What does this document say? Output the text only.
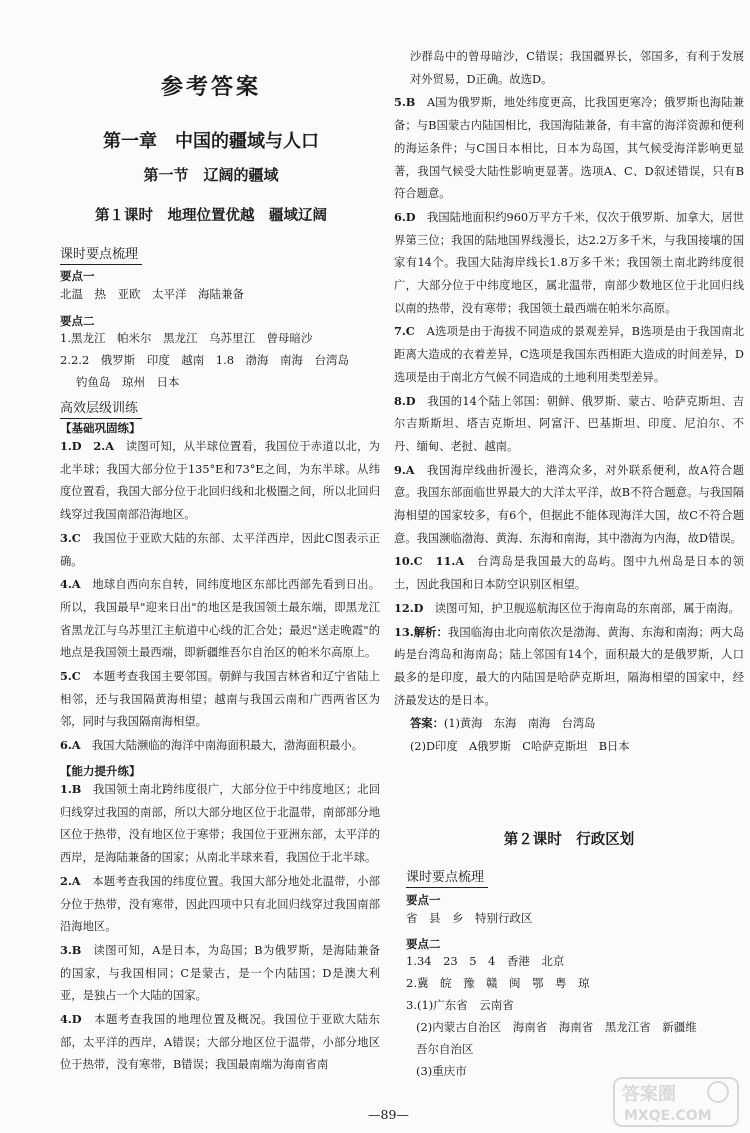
参考答案
第一章　中国的疆域与人口
第一节　辽阔的疆域
第１课时　地理位置优越　疆域辽阔
课时要点梳理
要点一
北温　热　亚欧　太平洋　海陆兼备
要点二
1.黑龙江　帕米尔　黑龙江　乌苏里江　曾母暗沙
2.2.2　俄罗斯　印度　越南　1.8　渤海　南海　台湾岛
钓鱼岛　琼州　日本
高效层级训练
【基础巩固练】
1.D　2.A　 读图可知，从半球位置看，我国位于赤道以北，为北半球；我国大部分位于135°E和73°E之间，为东半球。从纬度位置看，我国大部分位于北回归线和北极圈之间，所以北回归线穿过我国南部沿海地区。
3.C　 我国位于亚欧大陆的东部、太平洋西岸，因此C图表示正确。
4.A　 地球自西向东自转，同纬度地区东部比西部先看到日出。所以，我国最早"迎来日出"的地区是我国领土最东端，即黑龙江省黑龙江与乌苏里江主航道中心线的汇合处；最迟"送走晚霞"的地点是我国领土最西端，即新疆维吾尔自治区的帕米尔高原上。
5.C　 本题考查我国主要邻国。朝鲜与我国吉林省和辽宁省陆上相邻，还与我国隔黄海相望；越南与我国云南和广西两省区为邻，同时与我国隔南海相望。
6.A　 我国大陆濒临的海洋中南海面积最大，渤海面积最小。
【能力提升练】
1.B　 我国领土南北跨纬度很广，大部分位于中纬度地区；北回归线穿过我国的南部，所以大部分地区位于北温带，南部部分地区位于热带，没有地区位于寒带；我国位于亚洲东部，太平洋的西岸，是海陆兼备的国家；从南北半球来看，我国位于北半球。
2.A　 本题考查我国的纬度位置。我国大部分地处北温带，小部分位于热带，没有寒带，因此四项中只有北回归线穿过我国南部沿海地区。
3.B　 读图可知，A是日本，为岛国；B为俄罗斯，是海陆兼备的国家，与我国相同；C是蒙古，是一个内陆国；D是澳大利亚，是独占一个大陆的国家。
4.D　 本题考查我国的地理位置及概况。我国位于亚欧大陆东部，太平洋的西岸，A错误；大部分地区位于温带，小部分地区位于热带，没有寒带，B错误；我国最南端为海南省南
沙群岛中的曾母暗沙，C错误；我国疆界长，邻国多，有利于发展对外贸易，D正确。故选D。
5.B　 A国为俄罗斯，地处纬度更高，比我国更寒冷；俄罗斯也海陆兼备；与B国蒙古内陆国相比，我国海陆兼备，有丰富的海洋资源和便利的海运条件；与C国日本相比，日本为岛国，其气候受海洋影响更显著，我国气候受大陆性影响更显著。选项A、C、D叙述错误，只有B符合题意。
6.D　 我国陆地面积约960万平方千米，仅次于俄罗斯、加拿大，居世界第三位；我国的陆地国界线漫长，达2.2万多千米，与我国接壤的国家有14个。我国大陆海岸线长1.8万多千米；我国领土南北跨纬度很广，大部分位于中纬度地区，属北温带，南部少数地区位于北回归线以南的热带，没有寒带；我国领土最西端在帕米尔高原。
7.C　 A选项是由于海拔不同造成的景观差异，B选项是由于我国南北距离大造成的衣着差异，C选项是我国东西相距大造成的时间差异，D选项是由于南北方气候不同造成的土地利用类型差异。
8.D　 我国的14个陆上邻国：朝鲜、俄罗斯、蒙古、哈萨克斯坦、吉尔吉斯斯坦、塔吉克斯坦、阿富汗、巴基斯坦、印度、尼泊尔、不丹、缅甸、老挝、越南。
9.A　 我国海岸线曲折漫长，港湾众多，对外联系便利，故A符合题意。我国东部面临世界最大的大洋太平洋，故B不符合题意。与我国隔海相望的国家较多，有6个，但据此不能体现海洋大国，故C不符合题意。我国濒临渤海、黄海、东海和南海，其中渤海为内海，故D错误。
10.C　11.A　 台湾岛是我国最大的岛屿。图中九州岛是日本的领土，因此我国和日本防空识别区相望。
12.D　 读图可知，护卫舰巡航海区位于海南岛的东南部，属于南海。
13.解析：我国临海由北向南依次是渤海、黄海、东海和南海；两大岛屿是台湾岛和海南岛；陆上邻国有14个，面积最大的是俄罗斯，人口最多的是印度，最大的内陆国是哈萨克斯坦，隔海相望的国家中，经济最发达的是日本。
答案：(1)黄海　东海　南海　台湾岛
(2)D印度　A俄罗斯　C哈萨克斯坦　B日本
第２课时　行政区划
课时要点梳理
要点一
省　县　乡　特别行政区
要点二
1.34　23　5　4　香港　北京
2.冀　皖　豫　赣　闽　鄂　粤　琼
3.(1)广东省　云南省
(2)内蒙古自治区　海南省　海南省　黑龙江省　新疆维
吾尔自治区
(3)重庆市
—89—
答案圈
MXQE.COM
